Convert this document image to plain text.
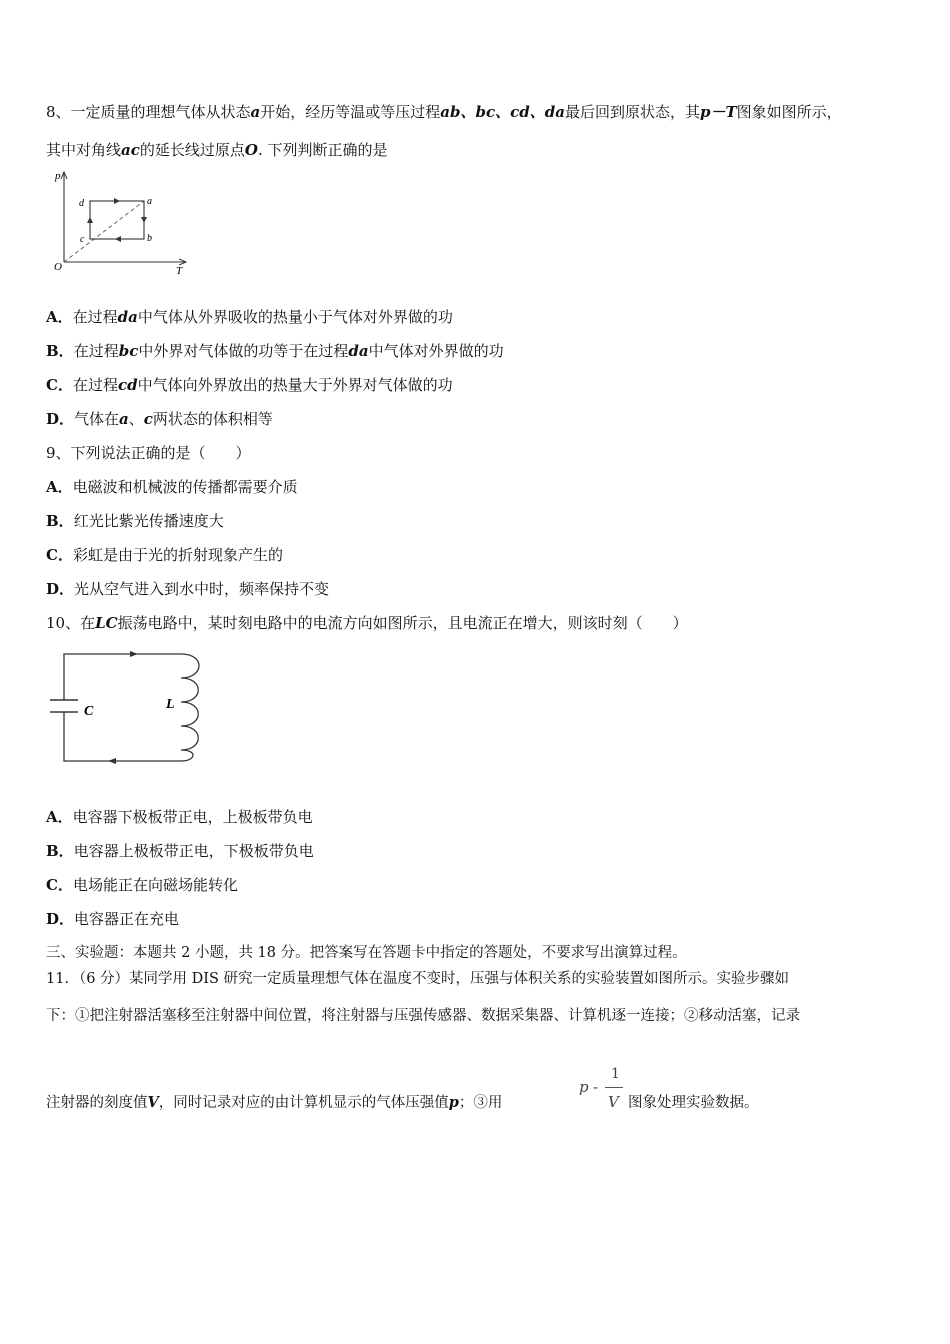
8、一定质量的理想气体从状态a开始，经历等温或等压过程ab、bc、cd、da最后回到原状态，其p－T图象如图所示，
其中对角线ac的延长线过原点O. 下列判断正确的是
p
T
O
d	a
b
c
A．在过程da中气体从外界吸收的热量小于气体对外界做的功
B．在过程bc中外界对气体做的功等于在过程da中气体对外界做的功
C．在过程cd中气体向外界放出的热量大于外界对气体做的功
D．气体在a、c两状态的体积相等
9、下列说法正确的是（　　）
A．电磁波和机械波的传播都需要介质
B．红光比紫光传播速度大
C．彩虹是由于光的折射现象产生的
D．光从空气进入到水中时，频率保持不变
10、在LC振荡电路中，某时刻电路中的电流方向如图所示，且电流正在增大，则该时刻（　　）
C	L
A．电容器下极板带正电，上极板带负电
B．电容器上极板带正电，下极板带负电
C．电场能正在向磁场能转化
D．电容器正在充电
三、实验题：本题共 2 小题，共 18 分。把答案写在答题卡中指定的答题处，不要求写出演算过程。
11．（6 分）某同学用 DIS 研究一定质量理想气体在温度不变时，压强与体积关系的实验装置如图所示。实验步骤如
下：①把注射器活塞移至注射器中间位置，将注射器与压强传感器、数据采集器、计算机逐一连接；②移动活塞，记录
注射器的刻度值V，同时记录对应的由计算机显示的气体压强值p；③用
p -
1
V 图象处理实验数据。
